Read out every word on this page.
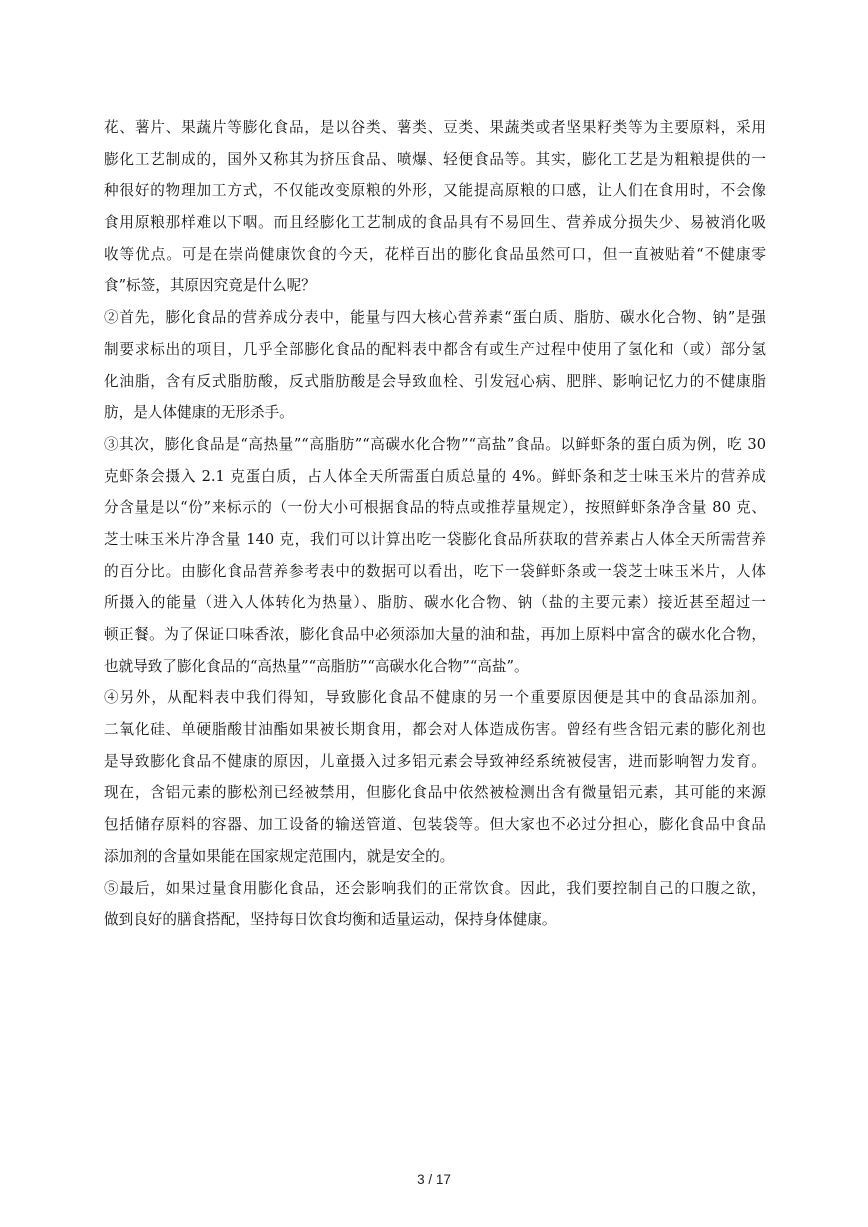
花、薯片、果蔬片等膨化食品，是以谷类、薯类、豆类、果蔬类或者坚果籽类等为主要原料，采用
膨化工艺制成的，国外又称其为挤压食品、喷爆、轻便食品等。其实，膨化工艺是为粗粮提供的一
种很好的物理加工方式，不仅能改变原粮的外形，又能提高原粮的口感，让人们在食用时，不会像
食用原粮那样难以下咽。而且经膨化工艺制成的食品具有不易回生、营养成分损失少、易被消化吸
收等优点。可是在崇尚健康饮食的今天，花样百出的膨化食品虽然可口，但一直被贴着“不健康零
食”标签，其原因究竟是什么呢？
②首先，膨化食品的营养成分表中，能量与四大核心营养素“蛋白质、脂肪、碳水化合物、钠”是强
制要求标出的项目，几乎全部膨化食品的配料表中都含有或生产过程中使用了氢化和（或）部分氢
化油脂，含有反式脂肪酸，反式脂肪酸是会导致血栓、引发冠心病、肥胖、影响记忆力的不健康脂
肪，是人体健康的无形杀手。
③其次，膨化食品是“高热量”“高脂肪”“高碳水化合物”“高盐”食品。以鲜虾条的蛋白质为例，吃 30
克虾条会摄入 2.1 克蛋白质，占人体全天所需蛋白质总量的 4%。鲜虾条和芝士味玉米片的营养成
分含量是以“份”来标示的（一份大小可根据食品的特点或推荐量规定），按照鲜虾条净含量 80 克、
芝士味玉米片净含量 140 克，我们可以计算出吃一袋膨化食品所获取的营养素占人体全天所需营养
的百分比。由膨化食品营养参考表中的数据可以看出，吃下一袋鲜虾条或一袋芝士味玉米片，人体
所摄入的能量（进入人体转化为热量）、脂肪、碳水化合物、钠（盐的主要元素）接近甚至超过一
顿正餐。为了保证口味香浓，膨化食品中必须添加大量的油和盐，再加上原料中富含的碳水化合物，
也就导致了膨化食品的“高热量”“高脂肪”“高碳水化合物”“高盐”。
④另外，从配料表中我们得知，导致膨化食品不健康的另一个重要原因便是其中的食品添加剂。
二氧化硅、单硬脂酸甘油酯如果被长期食用，都会对人体造成伤害。曾经有些含铝元素的膨化剂也
是导致膨化食品不健康的原因，儿童摄入过多铝元素会导致神经系统被侵害，进而影响智力发育。
现在，含铝元素的膨松剂已经被禁用，但膨化食品中依然被检测出含有微量铝元素，其可能的来源
包括储存原料的容器、加工设备的输送管道、包装袋等。但大家也不必过分担心，膨化食品中食品
添加剂的含量如果能在国家规定范围内，就是安全的。
⑤最后，如果过量食用膨化食品，还会影响我们的正常饮食。因此，我们要控制自己的口腹之欲，
做到良好的膳食搭配，坚持每日饮食均衡和适量运动，保持身体健康。
3 / 17
